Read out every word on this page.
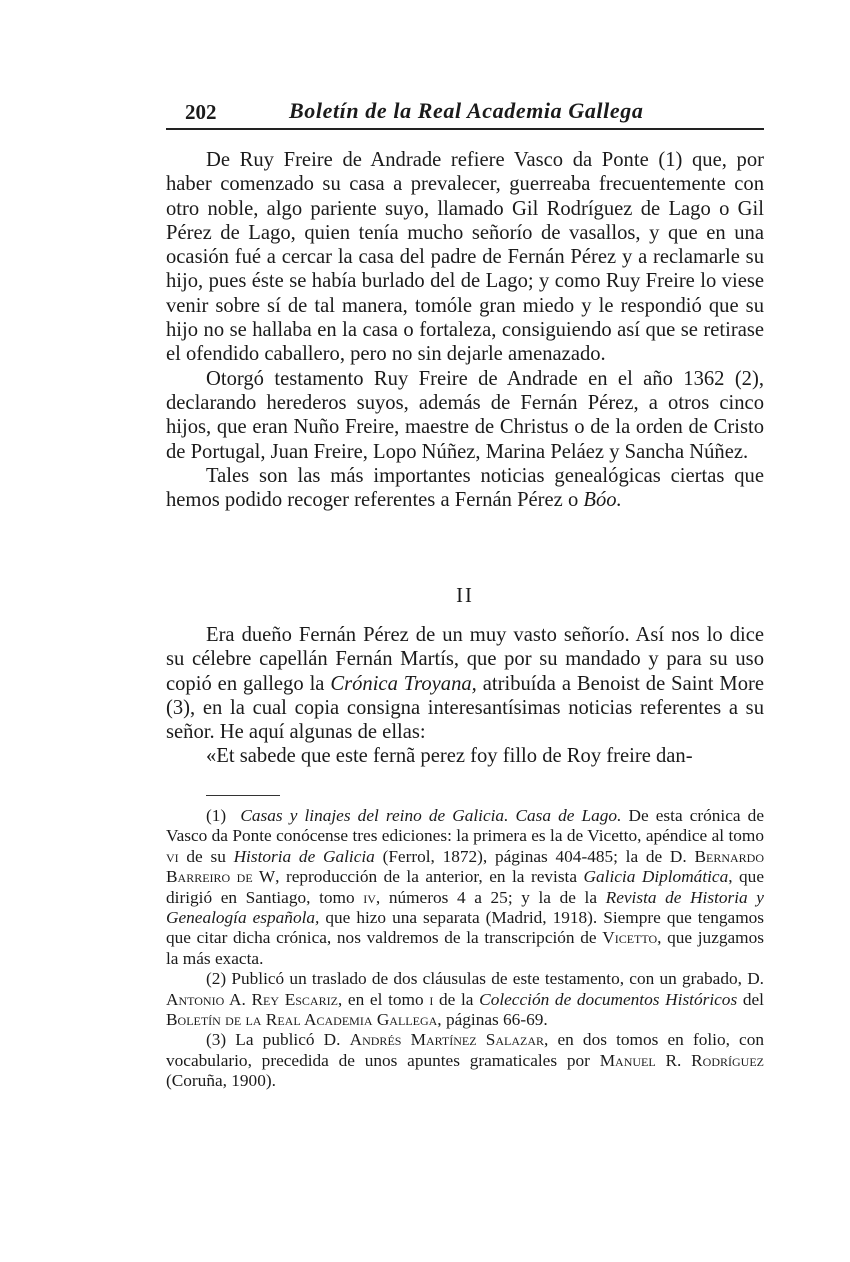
202	Boletín de la Real Academia Gallega

De Ruy Freire de Andrade refiere Vasco da Ponte (1) que, por haber comenzado su casa a prevalecer, guerreaba frecuentemente con otro noble, algo pariente suyo, llamado Gil Rodríguez de Lago o Gil Pérez de Lago, quien tenía mucho señorío de vasallos, y que en una ocasión fué a cercar la casa del padre de Fernán Pérez y a reclamarle su hijo, pues éste se había burlado del de Lago; y como Ruy Freire lo viese venir sobre sí de tal manera, tomóle gran miedo y le respondió que su hijo no se hallaba en la casa o fortaleza, consiguiendo así que se retirase el ofendido caballero, pero no sin dejarle amenazado.

Otorgó testamento Ruy Freire de Andrade en el año 1362 (2), declarando herederos suyos, además de Fernán Pérez, a otros cinco hijos, que eran Nuño Freire, maestre de Christus o de la orden de Cristo de Portugal, Juan Freire, Lopo Núñez, Marina Peláez y Sancha Núñez.

Tales son las más importantes noticias genealógicas ciertas que hemos podido recoger referentes a Fernán Pérez o Bóo.

II

Era dueño Fernán Pérez de un muy vasto señorío. Así nos lo dice su célebre capellán Fernán Martís, que por su mandado y para su uso copió en gallego la Crónica Troyana, atribuída a Benoist de Saint More (3), en la cual copia consigna interesantísimas noticias referentes a su señor. He aquí algunas de ellas:

«Et sabede que este fernã perez foy fillo de Roy freire dan-

(1) Casas y linajes del reino de Galicia. Casa de Lago. De esta crónica de Vasco da Ponte conócense tres ediciones: la primera es la de Vicetto, apéndice al tomo vi de su Historia de Galicia (Ferrol, 1872), páginas 404-485; la de D. Bernardo Barreiro de W, reproducción de la anterior, en la revista Galicia Diplomática, que dirigió en Santiago, tomo iv, números 4 a 25; y la de la Revista de Historia y Genealogía española, que hizo una separata (Madrid, 1918). Siempre que tengamos que citar dicha crónica, nos valdremos de la transcripción de Vicetto, que juzgamos la más exacta.

(2) Publicó un traslado de dos cláusulas de este testamento, con un grabado, D. Antonio A. Rey Escariz, en el tomo i de la Colección de documentos Históricos del Boletín de la Real Academia Gallega, páginas 66-69.

(3) La publicó D. Andrés Martínez Salazar, en dos tomos en folio, con vocabulario, precedida de unos apuntes gramaticales por Manuel R. Rodríguez (Coruña, 1900).
